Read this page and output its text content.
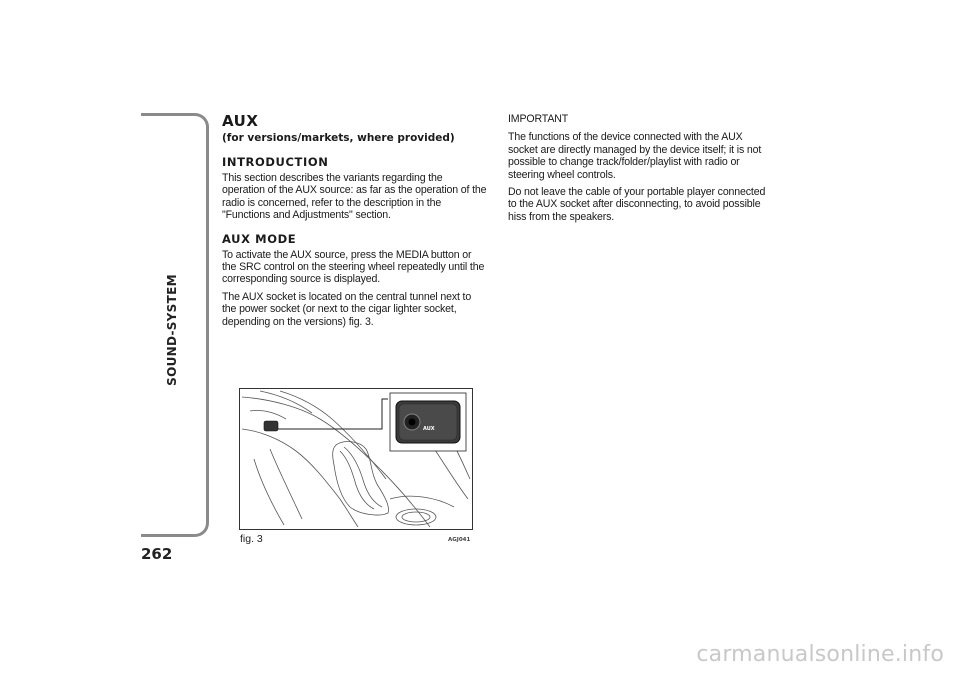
SOUND-SYSTEM
262
AUX
(for versions/markets, where provided)
INTRODUCTION

This section describes the variants regarding the operation of the AUX source: as far as the operation of the radio is concerned, refer to the description in the "Functions and Adjustments" section.

AUX MODE

To activate the AUX source, press the MEDIA button or the SRC control on the steering wheel repeatedly until the corresponding source is displayed.

The AUX socket is located on the central tunnel next to the power socket (or next to the cigar lighter socket, depending on the versions) fig. 3.

IMPORTANT

The functions of the device connected with the AUX socket are directly managed by the device itself; it is not possible to change track/folder/playlist with radio or steering wheel controls.

Do not leave the cable of your portable player connected to the AUX socket after disconnecting, to avoid possible hiss from the speakers.

AUX
fig. 3	AGJ041
carmanualsonline.info
